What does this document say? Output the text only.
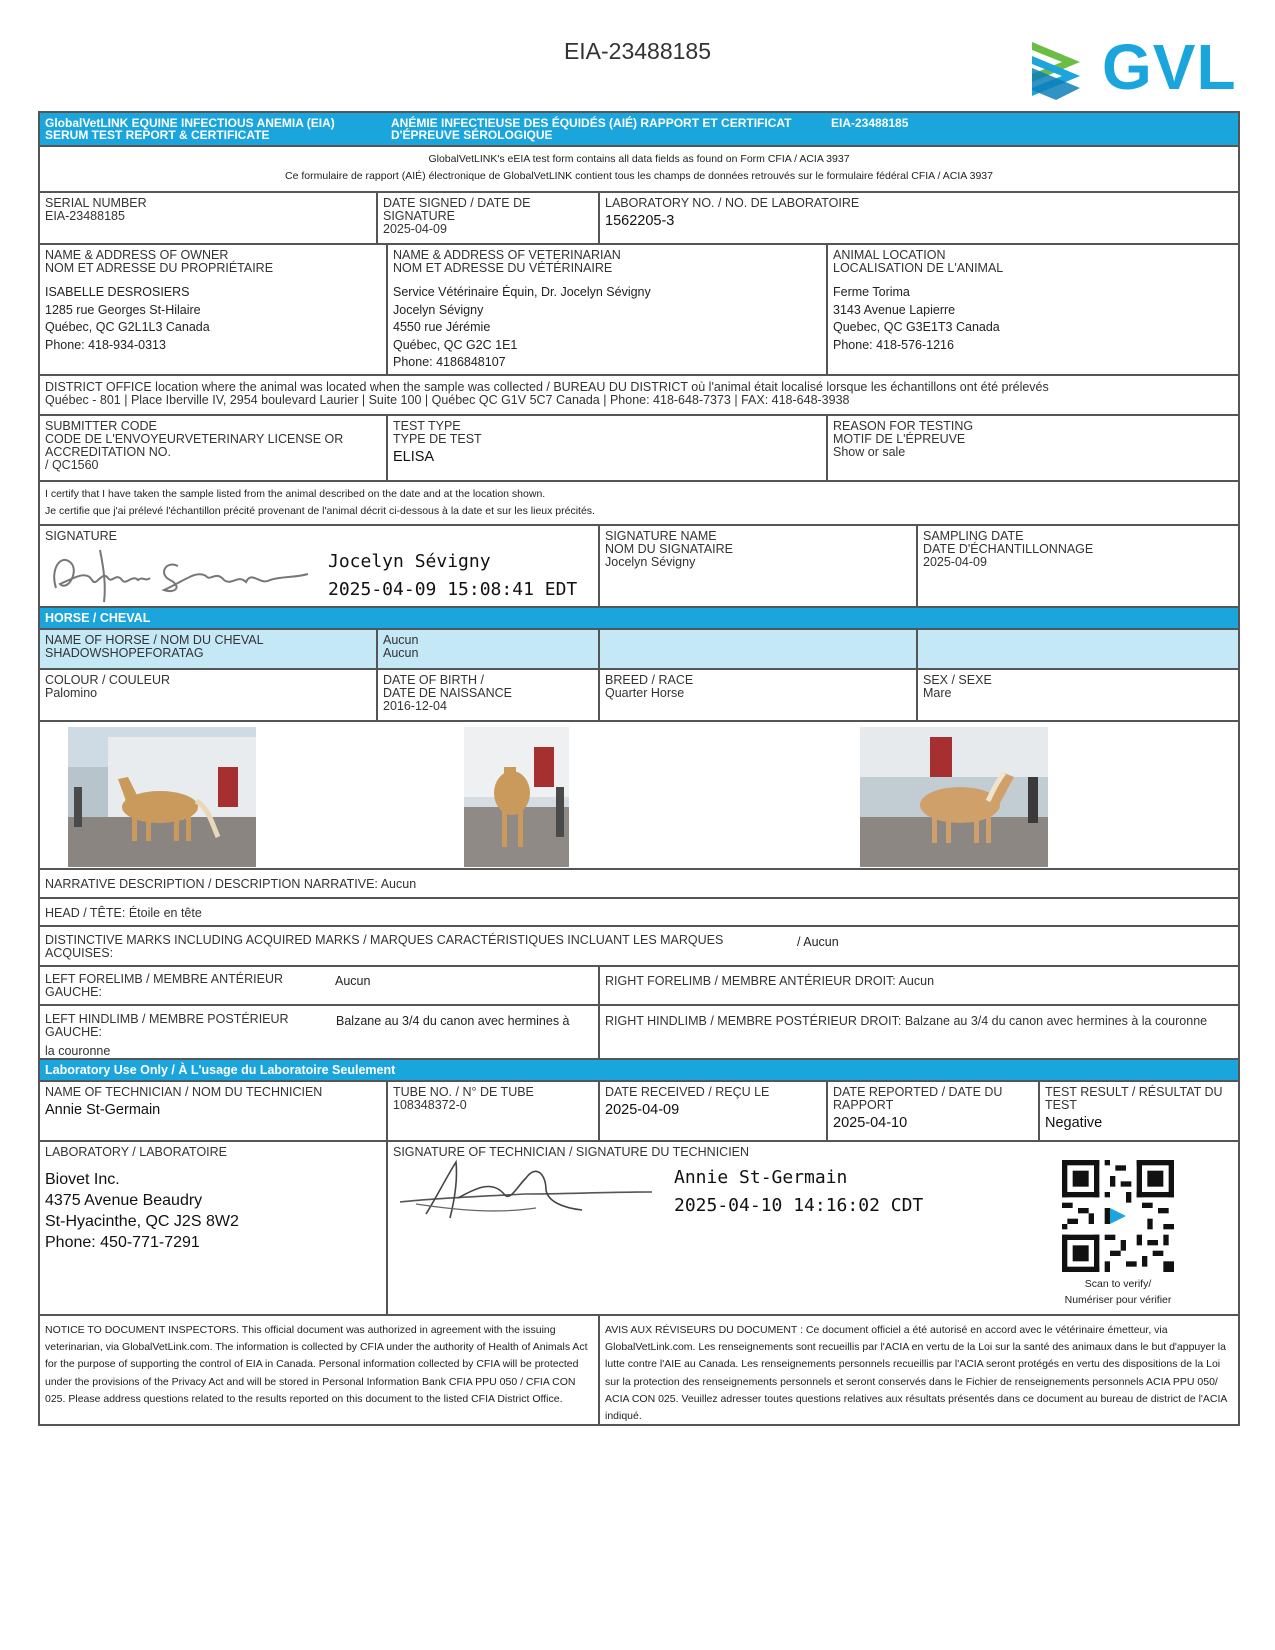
EIA-23488185	GVL
GlobalVetLINK EQUINE INFECTIOUS ANEMIA (EIA) SERUM TEST REPORT & CERTIFICATE
ANÉMIE INFECTIEUSE DES ÉQUIDÉS (AIÉ) RAPPORT ET CERTIFICAT D'ÉPREUVE SÉROLOGIQUE
EIA-23488185
GlobalVetLINK's eEIA test form contains all data fields as found on Form CFIA / ACIA 3937
Ce formulaire de rapport (AIÉ) électronique de GlobalVetLINK contient tous les champs de données retrouvés sur le formulaire fédéral CFIA / ACIA 3937
SERIAL NUMBER
EIA-23488185
DATE SIGNED / DATE DE SIGNATURE
2025-04-09
LABORATORY NO. / NO. DE LABORATOIRE
1562205-3
NAME & ADDRESS OF OWNER
NOM ET ADRESSE DU PROPRIÉTAIRE
ISABELLE DESROSIERS
1285 rue Georges St-Hilaire
Québec, QC G2L1L3 Canada
Phone: 418-934-0313
NAME & ADDRESS OF VETERINARIAN
NOM ET ADRESSE DU VÉTÉRINAIRE
Service Vétérinaire Équin, Dr. Jocelyn Sévigny
Jocelyn Sévigny
4550 rue Jérémie
Québec, QC G2C 1E1
Phone: 4186848107
ANIMAL LOCATION
LOCALISATION DE L'ANIMAL
Ferme Torima
3143 Avenue Lapierre
Quebec, QC G3E1T3 Canada
Phone: 418-576-1216
DISTRICT OFFICE location where the animal was located when the sample was collected / BUREAU DU DISTRICT où l'animal était localisé lorsque les échantillons ont été prélevés
Québec - 801 | Place Iberville IV, 2954 boulevard Laurier | Suite 100 | Québec QC G1V 5C7 Canada | Phone: 418-648-7373 | FAX: 418-648-3938
SUBMITTER CODE
CODE DE L'ENVOYEURVETERINARY LICENSE OR ACCREDITATION NO.
/ QC1560
TEST TYPE
TYPE DE TEST
ELISA
REASON FOR TESTING
MOTIF DE L'ÉPREUVE
Show or sale
I certify that I have taken the sample listed from the animal described on the date and at the location shown.
Je certifie que j'ai prélevé l'échantillon précité provenant de l'animal décrit ci-dessous à la date et sur les lieux précités.
SIGNATURE
Jocelyn Sévigny
2025-04-09 15:08:41 EDT
SIGNATURE NAME
NOM DU SIGNATAIRE
Jocelyn Sévigny
SAMPLING DATE
DATE D'ÉCHANTILLONNAGE
2025-04-09
HORSE / CHEVAL
NAME OF HORSE / NOM DU CHEVAL
SHADOWSHOPEFORATAG
Aucun
Aucun
COLOUR / COULEUR
Palomino
DATE OF BIRTH /
DATE DE NAISSANCE
2016-12-04
BREED / RACE
Quarter Horse
SEX / SEXE
Mare
NARRATIVE DESCRIPTION / DESCRIPTION NARRATIVE: Aucun
HEAD / TÊTE: Étoile en tête
DISTINCTIVE MARKS INCLUDING ACQUIRED MARKS / MARQUES CARACTÉRISTIQUES INCLUANT LES MARQUES
ACQUISES:
/ Aucun
LEFT FORELIMB / MEMBRE ANTÉRIEUR
GAUCHE:
Aucun	RIGHT FORELIMB / MEMBRE ANTÉRIEUR DROIT: Aucun
LEFT HINDLIMB / MEMBRE POSTÉRIEUR
GAUCHE:
la couronne
Balzane au 3/4 du canon avec hermines à	RIGHT HINDLIMB / MEMBRE POSTÉRIEUR DROIT: Balzane au 3/4 du canon avec hermines à la couronne
Laboratory Use Only / À L'usage du Laboratoire Seulement
NAME OF TECHNICIAN / NOM DU TECHNICIEN
Annie St-Germain
TUBE NO. / N° DE TUBE
108348372-0
DATE RECEIVED / REÇU LE
2025-04-09
DATE REPORTED / DATE DU RAPPORT
2025-04-10
TEST RESULT / RÉSULTAT DU TEST
Negative
LABORATORY / LABORATOIRE
Biovet Inc.
4375 Avenue Beaudry
St-Hyacinthe, QC J2S 8W2
Phone: 450-771-7291
SIGNATURE OF TECHNICIAN / SIGNATURE DU TECHNICIEN
Annie St-Germain
2025-04-10 14:16:02 CDT
Scan to verify/
Numériser pour vérifier
NOTICE TO DOCUMENT INSPECTORS. This official document was authorized in agreement with the issuing veterinarian, via GlobalVetLink.com. The information is collected by CFIA under the authority of Health of Animals Act for the purpose of supporting the control of EIA in Canada. Personal information collected by CFIA will be protected under the provisions of the Privacy Act and will be stored in Personal Information Bank CFIA PPU 050 / CFIA CON 025. Please address questions related to the results reported on this document to the listed CFIA District Office.
AVIS AUX RÉVISEURS DU DOCUMENT : Ce document officiel a été autorisé en accord avec le vétérinaire émetteur, via GlobalVetLink.com. Les renseignements sont recueillis par l'ACIA en vertu de la Loi sur la santé des animaux dans le but d'appuyer la lutte contre l'AIE au Canada. Les renseignements personnels recueillis par l'ACIA seront protégés en vertu des dispositions de la Loi sur la protection des renseignements personnels et seront conservés dans le Fichier de renseignements personnels ACIA PPU 050/ ACIA CON 025. Veuillez adresser toutes questions relatives aux résultats présentés dans ce document au bureau de district de l'ACIA indiqué.
